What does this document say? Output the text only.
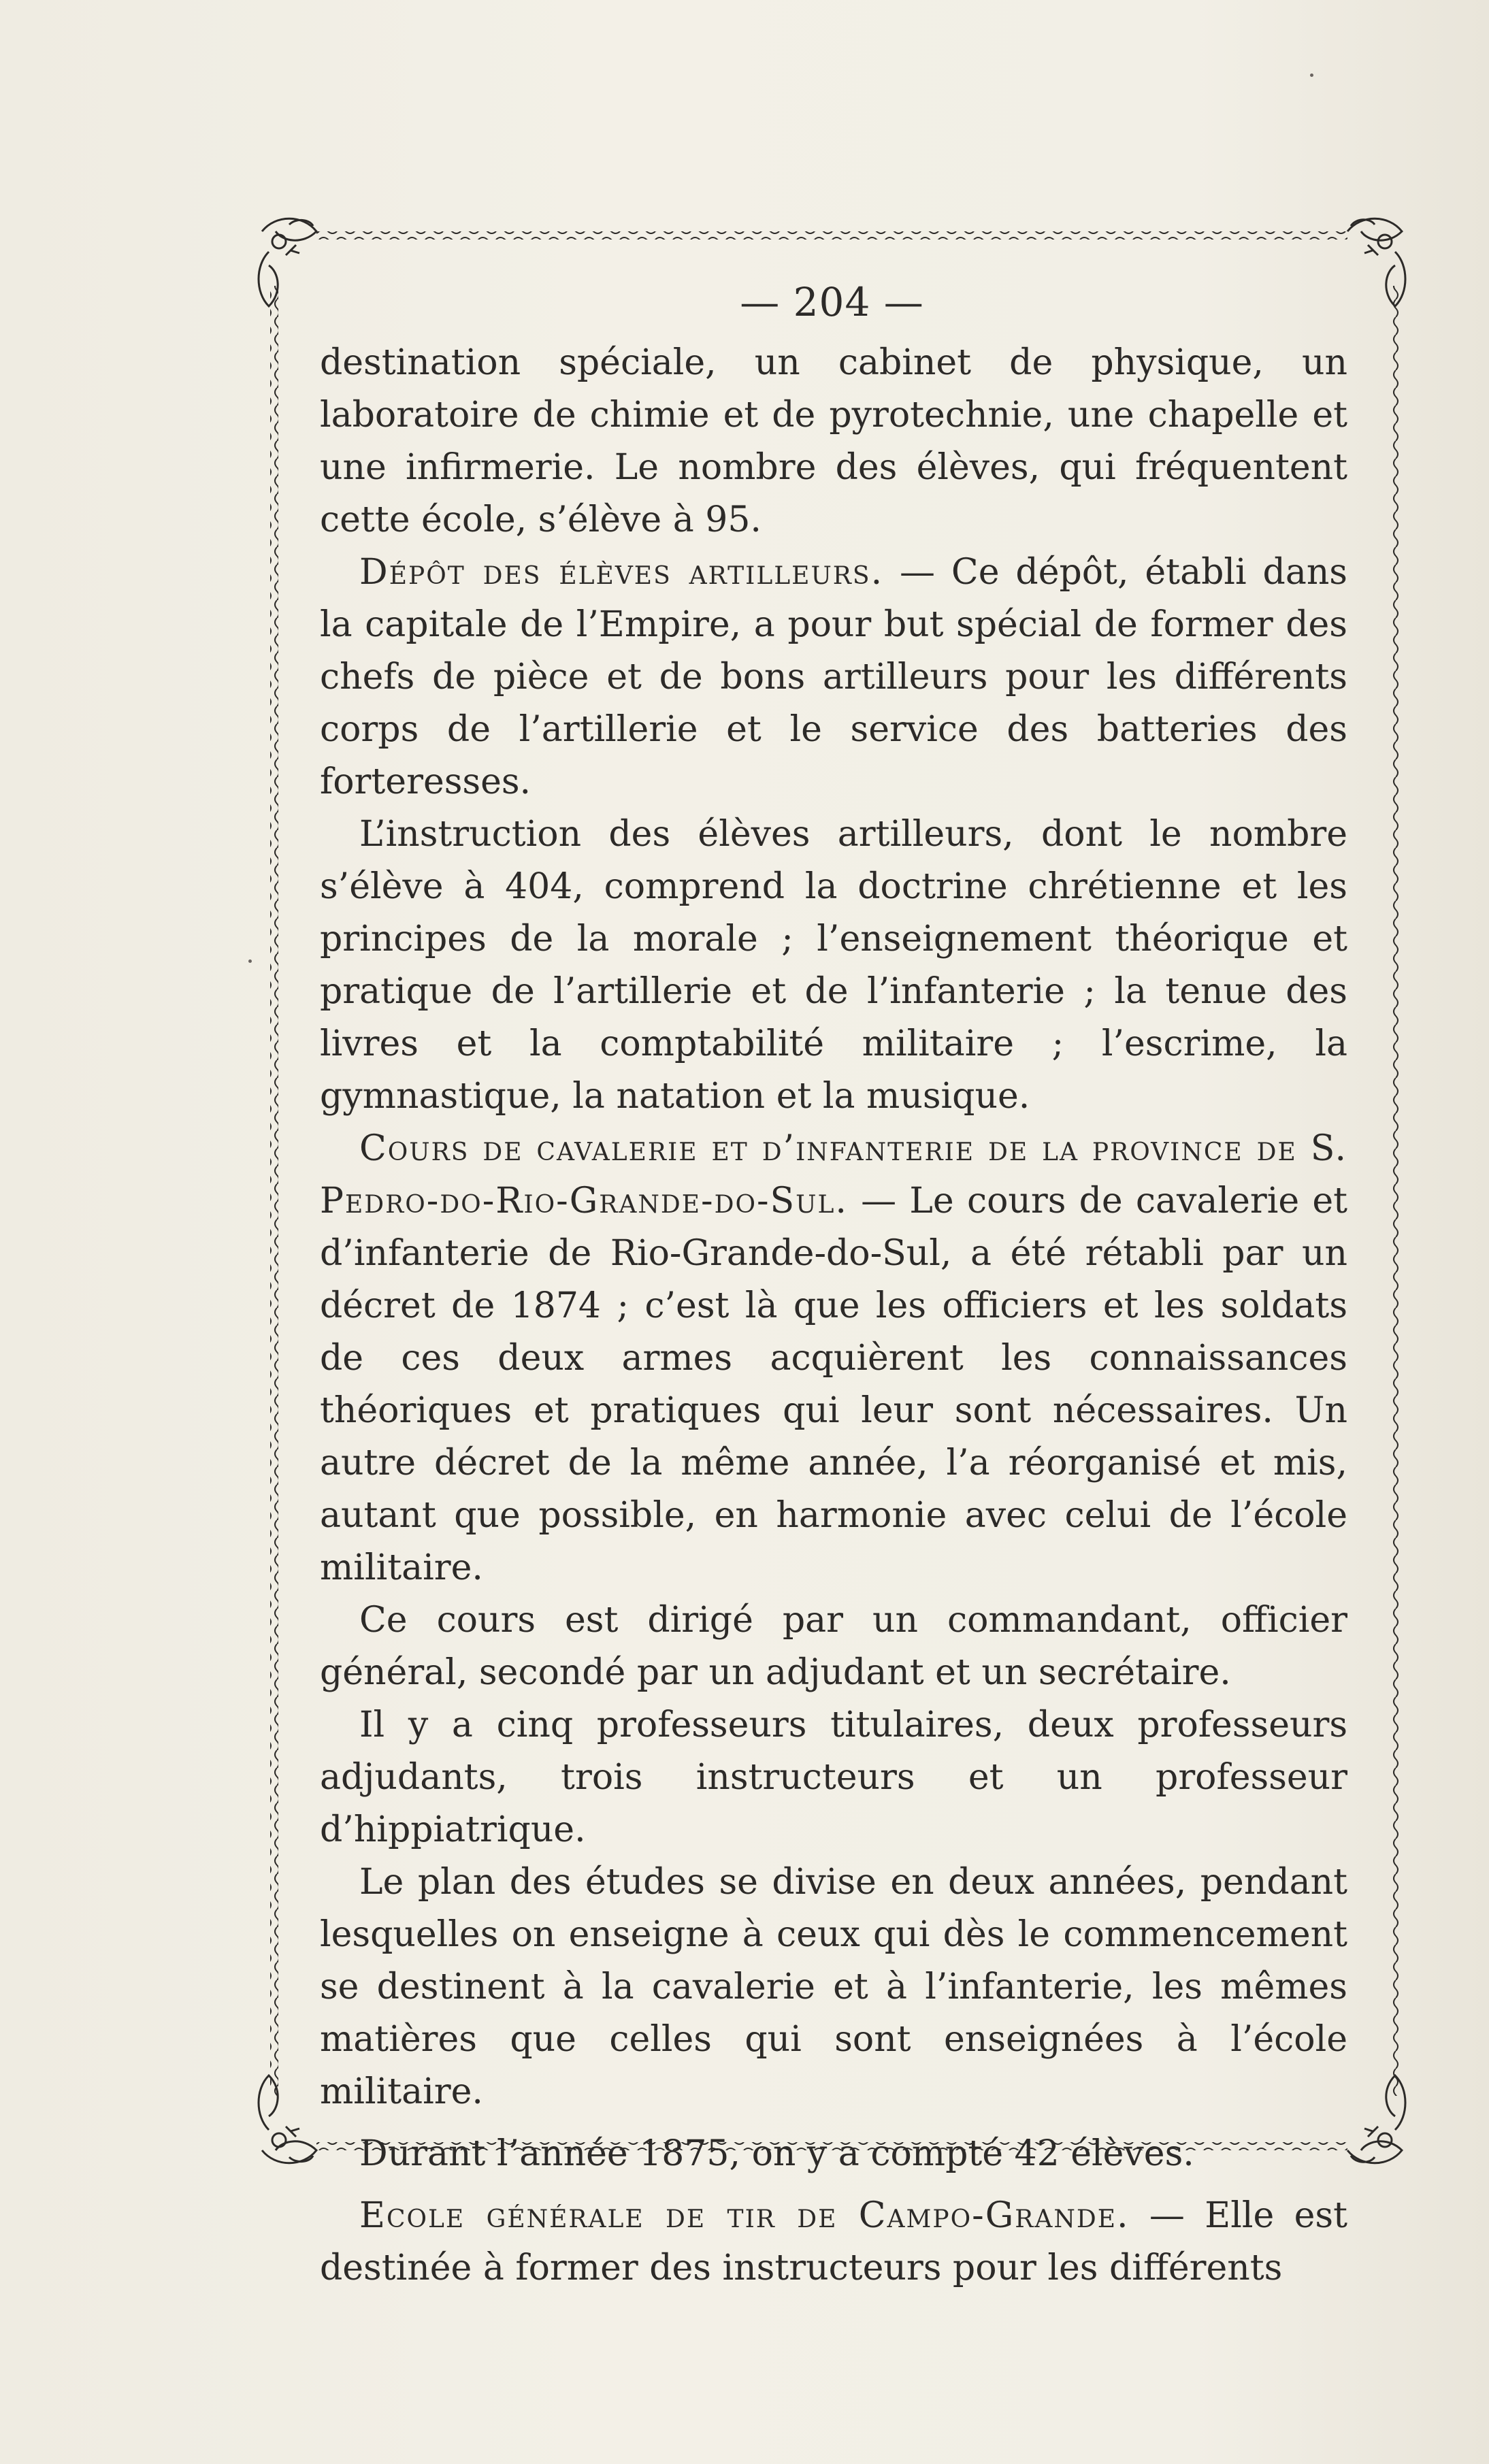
— 204 —

destination spéciale, un cabinet de physique, un laboratoire de chimie et de pyrotechnie, une chapelle et une infirmerie. Le nombre des élèves, qui fréquentent cette école, s’élève à 95.

Dépôt des élèves artilleurs. — Ce dépôt, établi dans la capitale de l’Empire, a pour but spécial de former des chefs de pièce et de bons artilleurs pour les différents corps de l’artillerie et le service des batteries des forteresses.

L’instruction des élèves artilleurs, dont le nombre s’élève à 404, comprend la doctrine chrétienne et les principes de la morale ; l’enseignement théorique et pratique de l’artillerie et de l’infanterie ; la tenue des livres et la comptabilité militaire ; l’escrime, la gymnastique, la natation et la musique.

Cours de cavalerie et d’infanterie de la province de S. Pedro-do-Rio-Grande-do-Sul. — Le cours de cavalerie et d’infanterie de Rio-Grande-do-Sul, a été rétabli par un décret de 1874 ; c’est là que les officiers et les soldats de ces deux armes acquièrent les connaissances théoriques et pratiques qui leur sont nécessaires. Un autre décret de la même année, l’a réorganisé et mis, autant que possible, en harmonie avec celui de l’école militaire.

Ce cours est dirigé par un commandant, officier général, secondé par un adjudant et un secrétaire.

Il y a cinq professeurs titulaires, deux professeurs adjudants, trois instructeurs et un professeur d’hippiatrique.

Le plan des études se divise en deux années, pendant lesquelles on enseigne à ceux qui dès le commencement se destinent à la cavalerie et à l’infanterie, les mêmes matières que celles qui sont enseignées à l’école militaire.

Durant l’année 1875, on y a compté 42 élèves.

Ecole générale de tir de Campo-Grande. — Elle est destinée à former des instructeurs pour les différents
